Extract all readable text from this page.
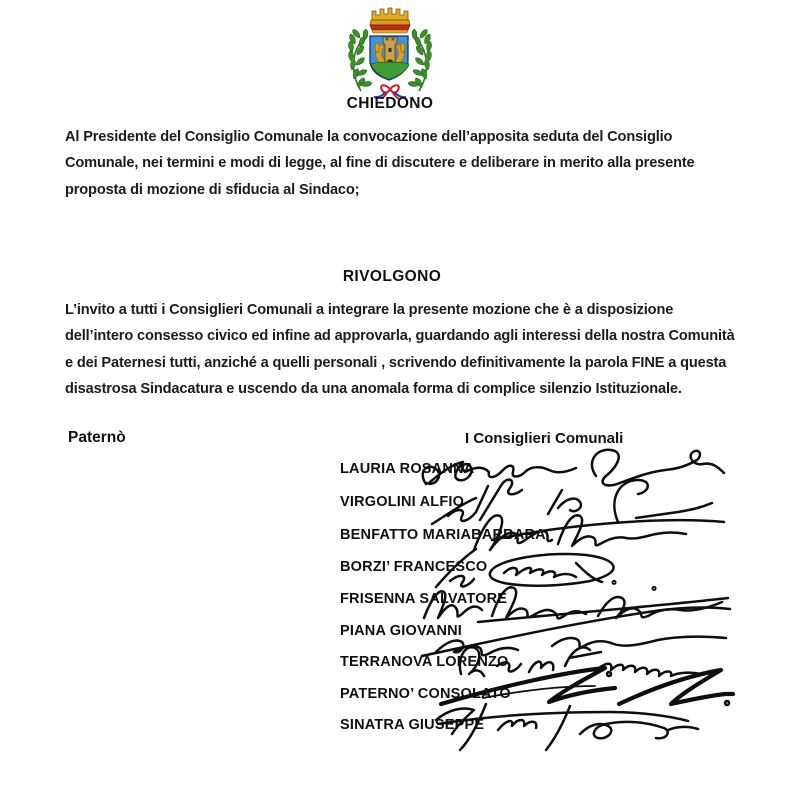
CHIEDONO
Al Presidente del Consiglio Comunale la convocazione dell’apposita seduta del Consiglio
Comunale, nei termini e modi di legge, al fine di discutere e deliberare in merito alla presente
proposta di mozione di sfiducia al Sindaco;
RIVOLGONO
L’invito a tutti i Consiglieri Comunali a integrare la presente mozione che è a disposizione
dell’intero consesso civico ed infine ad approvarla, guardando agli interessi della nostra Comunità
e dei Paternesi tutti, anziché a quelli personali , scrivendo definitivamente la parola FINE a questa
disastrosa Sindacatura e uscendo da una anomala forma di complice silenzio Istituzionale.
Paternò	I Consiglieri Comunali
LAURIA ROSANNA
VIRGOLINI ALFIO
BENFATTO MARIABARBARA
BORZI’ FRANCESCO
FRISENNA SALVATORE
PIANA GIOVANNI
TERRANOVA LORENZO
PATERNO’ CONSOLATO
SINATRA GIUSEPPE
